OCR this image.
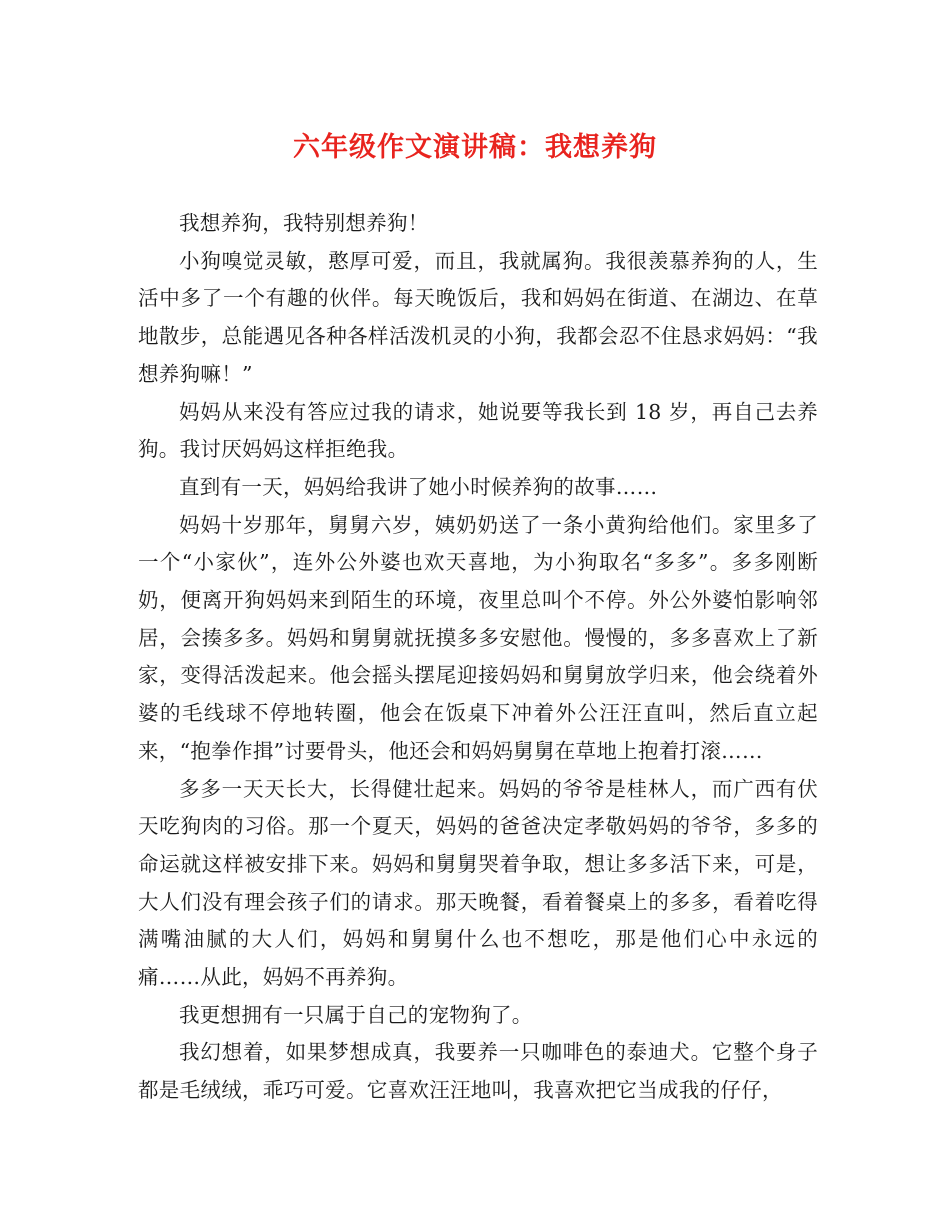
六年级作文演讲稿：我想养狗

我想养狗，我特别想养狗！

小狗嗅觉灵敏，憨厚可爱，而且，我就属狗。我很羡慕养狗的人，生活中多了一个有趣的伙伴。每天晚饭后，我和妈妈在街道、在湖边、在草地散步，总能遇见各种各样活泼机灵的小狗，我都会忍不住恳求妈妈：“我想养狗嘛！”

妈妈从来没有答应过我的请求，她说要等我长到 18 岁，再自己去养狗。我讨厌妈妈这样拒绝我。

直到有一天，妈妈给我讲了她小时候养狗的故事……

妈妈十岁那年，舅舅六岁，姨奶奶送了一条小黄狗给他们。家里多了一个“小家伙”，连外公外婆也欢天喜地，为小狗取名“多多”。多多刚断奶，便离开狗妈妈来到陌生的环境，夜里总叫个不停。外公外婆怕影响邻居，会揍多多。妈妈和舅舅就抚摸多多安慰他。慢慢的，多多喜欢上了新家，变得活泼起来。他会摇头摆尾迎接妈妈和舅舅放学归来，他会绕着外婆的毛线球不停地转圈，他会在饭桌下冲着外公汪汪直叫，然后直立起来，“抱拳作揖”讨要骨头，他还会和妈妈舅舅在草地上抱着打滚……

多多一天天长大，长得健壮起来。妈妈的爷爷是桂林人，而广西有伏天吃狗肉的习俗。那一个夏天，妈妈的爸爸决定孝敬妈妈的爷爷，多多的命运就这样被安排下来。妈妈和舅舅哭着争取，想让多多活下来，可是，大人们没有理会孩子们的请求。那天晚餐，看着餐桌上的多多，看着吃得满嘴油腻的大人们，妈妈和舅舅什么也不想吃，那是他们心中永远的痛……从此，妈妈不再养狗。

我更想拥有一只属于自己的宠物狗了。

我幻想着，如果梦想成真，我要养一只咖啡色的泰迪犬。它整个身子都是毛绒绒，乖巧可爱。它喜欢汪汪地叫，我喜欢把它当成我的仔仔，
